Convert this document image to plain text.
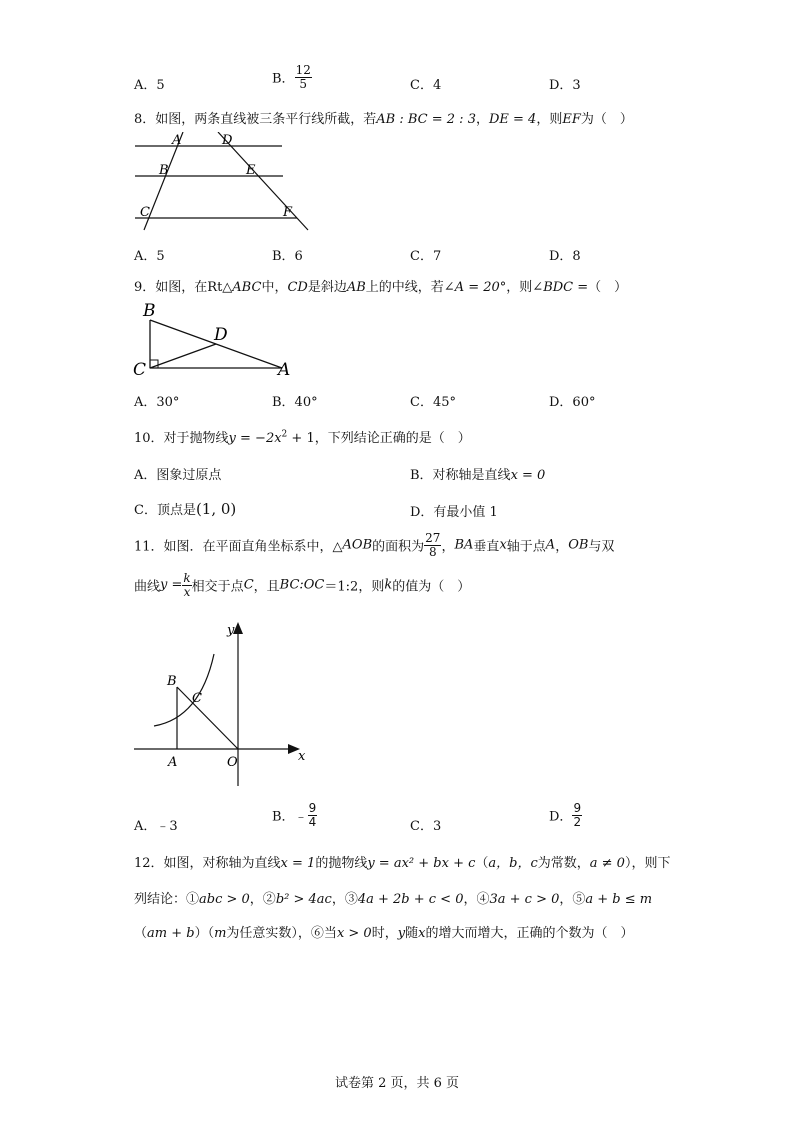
A．5	B． $\frac{12}{5}$	C．4	D．3
8．如图，两条直线被三条平行线所截，若AB : BC = 2 : 3，DE = 4，则EF为（　）
A	D
B	E
C	F
A．5	B．6	C．7	D．8
9．如图，在Rt△ABC中，CD是斜边AB上的中线，若∠A = 20°，则∠BDC =（　）
B
D
C	A
A．30°	B．40°	C．45°	D．60°
10．对于抛物线$y = -2x^2 + 1$，下列结论正确的是（　）
A．图象过原点	B．对称轴是直线x = 0
C．顶点是(1, 0)	D．有最小值 1
11．如图．在平面直角坐标系中，△AOB的面积为 $\frac{27}{8}$ ，BA垂直x轴于点A，OB与双
曲线$y = \frac{k}{x}$ 相交于点C，且BC:OC＝1:2，则k的值为（　）
y
x
B
C
A	O
A．﹣3
B．﹣ $\frac{9}{4}$	C．3
D． $\frac{9}{2}$
12．如图，对称轴为直线x = 1的抛物线y = ax² + bx + c（a，b，c为常数，a ≠ 0），则下
列结论：①abc > 0，②b² > 4ac，③4a + 2b + c < 0，④3a + c > 0，⑤a + b ≤ m
（am + b）（m为任意实数），⑥当x > 0时，y随x的增大而增大，正确的个数为（　）
试卷第 2 页，共 6 页
